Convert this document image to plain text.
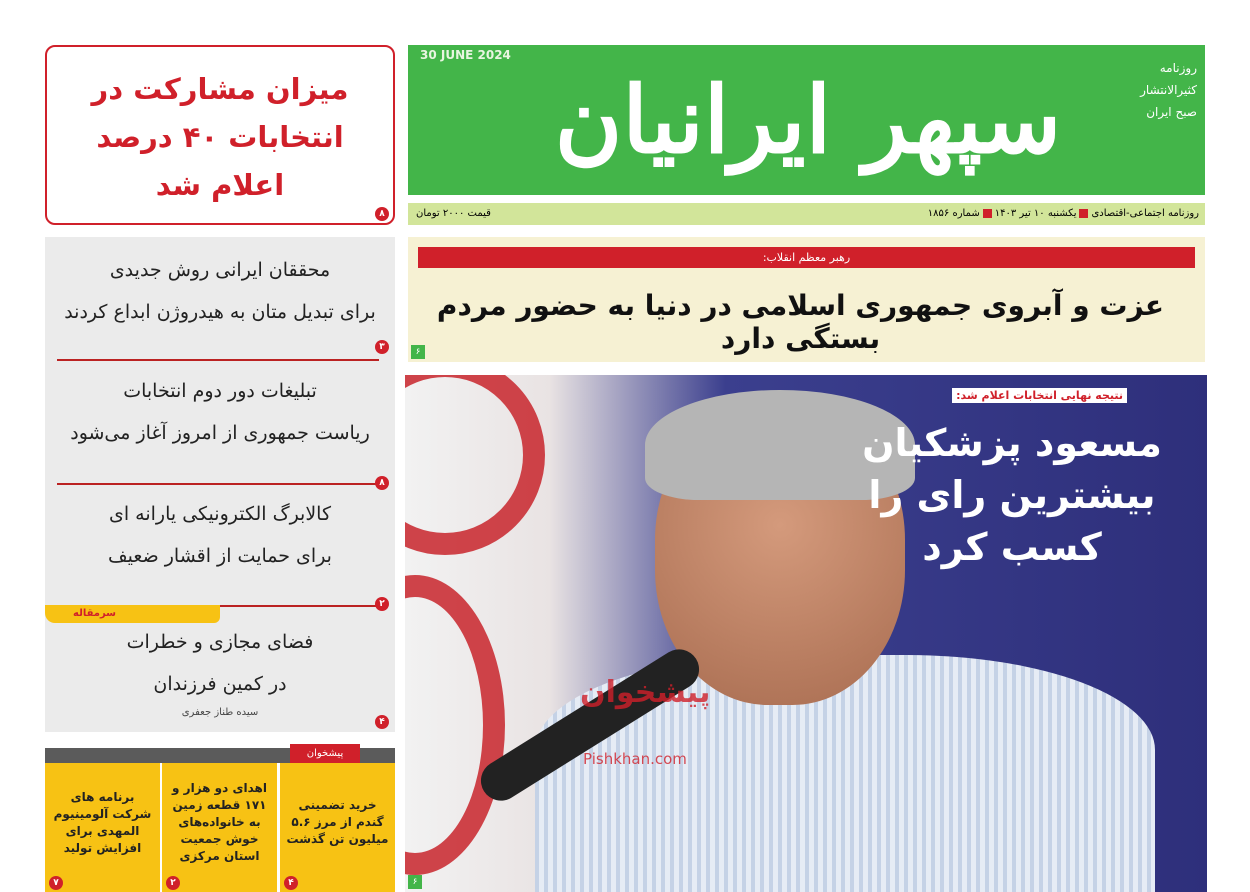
میزان مشارکت در
انتخابات ۴۰ درصد
اعلام شد
۸
30 JUNE 2024
سپهر ایرانیان	روزنامه
کثیرالانتشار
صبح ایران
روزنامه اجتماعی-اقتصادییکشنبه ۱۰ تیر ۱۴۰۳شماره ۱۸۵۶
قیمت ۲۰۰۰ تومان
رهبر معظم انقلاب:
عزت و آبروی جمهوری اسلامی در دنیا به حضور مردم بستگی دارد
۶
محققان ایرانی روش جدیدی
برای تبدیل متان به هیدروژن ابداع کردند
۳
تبلیغات دور دوم انتخابات
ریاست جمهوری از امروز آغاز می‌شود
۸
کالابرگ الکترونیکی یارانه ای
برای حمایت از اقشار ضعیف
۲
سرمقاله
فضای مجازی و خطرات
در کمین فرزندان
سیده طناز جعفری
۴
پیشخوان
Pishkhan.com
نتیجه نهایی انتخابات اعلام شد:
مسعود پزشکیان
بیشترین رای را
کسب کرد
۶
پیشخوان
خرید تضمینی گندم از مرز ۵.۶ میلیون تن گذشت
۴
اهدای دو هزار و ۱۷۱ قطعه زمین به خانواده‌های خوش جمعیت استان مرکزی
۲
برنامه های شرکت آلومینیوم المهدی برای افزایش تولید
۷
